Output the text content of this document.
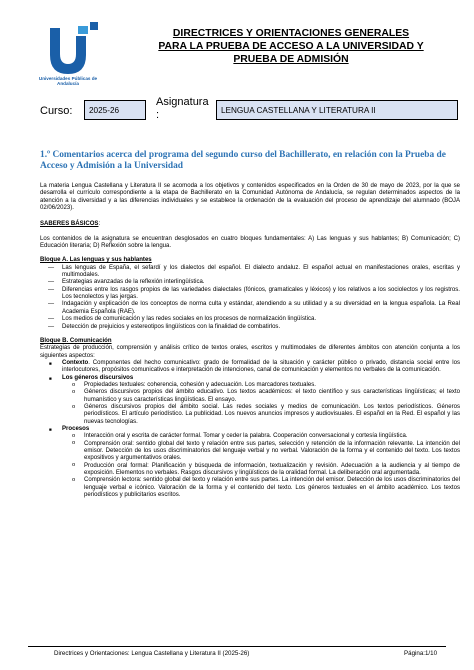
Universidades Públicas de Andalucía
DIRECTRICES Y ORIENTACIONES GENERALES
PARA LA PRUEBA DE ACCESO A LA UNIVERSIDAD Y
PRUEBA DE ADMISIÓN
Curso:	2025-26
Asignatura
:	LENGUA CASTELLANA Y LITERATURA II
1.º Comentarios acerca del programa del segundo curso del Bachillerato, en relación con la Prueba de Acceso y Admisión a la Universidad

La materia Lengua Castellana y Literatura II se acomoda a los objetivos y contenidos especificados en la Orden de 30 de mayo de 2023, por la que se desarrolla el currículo correspondiente a la etapa de Bachillerato en la Comunidad Autónoma de Andalucía, se regulan determinados aspectos de la atención a la diversidad y a las diferencias individuales y se establece la ordenación de la evaluación del proceso de aprendizaje del alumnado (BOJA 02/06/2023).

SABERES BÁSICOS:

Los contenidos de la asignatura se encuentran desglosados en cuatro bloques fundamentales: A) Las lenguas y sus hablantes; B) Comunicación; C) Educación literaria; D) Reflexión sobre la lengua.

Bloque A. Las lenguas y sus hablantes

— Las lenguas de España, el sefardí y los dialectos del español. El dialecto andaluz. El español actual en manifestaciones orales, escritas y multimodales.
— Estrategias avanzadas de la reflexión interlingüística.
— Diferencias entre los rasgos propios de las variedades dialectales (fónicos, gramaticales y léxicos) y los relativos a los sociolectos y los registros. Los tecnolectos y las jergas.
— Indagación y explicación de los conceptos de norma culta y estándar, atendiendo a su utilidad y a su diversidad en la lengua española. La Real Academia Española (RAE).
— Los medios de comunicación y las redes sociales en los procesos de normalización lingüística.
— Detección de prejuicios y estereotipos lingüísticos con la finalidad de combatirlos.

Bloque B. Comunicación

Estrategias de producción, comprensión y análisis crítico de textos orales, escritos y multimodales de diferentes ámbitos con atención conjunta a los siguientes aspectos:

■ Contexto. Componentes del hecho comunicativo: grado de formalidad de la situación y carácter público o privado, distancia social entre los interlocutores, propósitos comunicativos e interpretación de intenciones, canal de comunicación y elementos no verbales de la comunicación.
■ Los géneros discursivos
o Propiedades textuales: coherencia, cohesión y adecuación. Los marcadores textuales.
o Géneros discursivos propios del ámbito educativo. Los textos académicos: el texto científico y sus características lingüísticas; el texto humanístico y sus características lingüísticas. El ensayo.
o Géneros discursivos propios del ámbito social. Las redes sociales y medios de comunicación. Los textos periodísticos. Géneros periodísticos. El artículo periodístico. La publicidad. Los nuevos anuncios impresos y audiovisuales. El español en la Red. El español y las nuevas tecnologías.
■ Procesos
o Interacción oral y escrita de carácter formal. Tomar y ceder la palabra. Cooperación conversacional y cortesía lingüística.
o Comprensión oral: sentido global del texto y relación entre sus partes, selección y retención de la información relevante. La intención del emisor. Detección de los usos discriminatorios del lenguaje verbal y no verbal. Valoración de la forma y el contenido del texto. Los textos expositivos y argumentativos orales.
o Producción oral formal: Planificación y búsqueda de información, textualización y revisión. Adecuación a la audiencia y al tiempo de exposición. Elementos no verbales. Rasgos discursivos y lingüísticos de la oralidad formal. La deliberación oral argumentada.
o Comprensión lectora: sentido global del texto y relación entre sus partes. La intención del emisor. Detección de los usos discriminatorios del lenguaje verbal e icónico. Valoración de la forma y el contenido del texto. Los géneros textuales en el ámbito académico. Los textos periodísticos y publicitarios escritos.
Directrices y Orientaciones: Lengua Castellana y Literatura II (2025-26)	Página:1/10
